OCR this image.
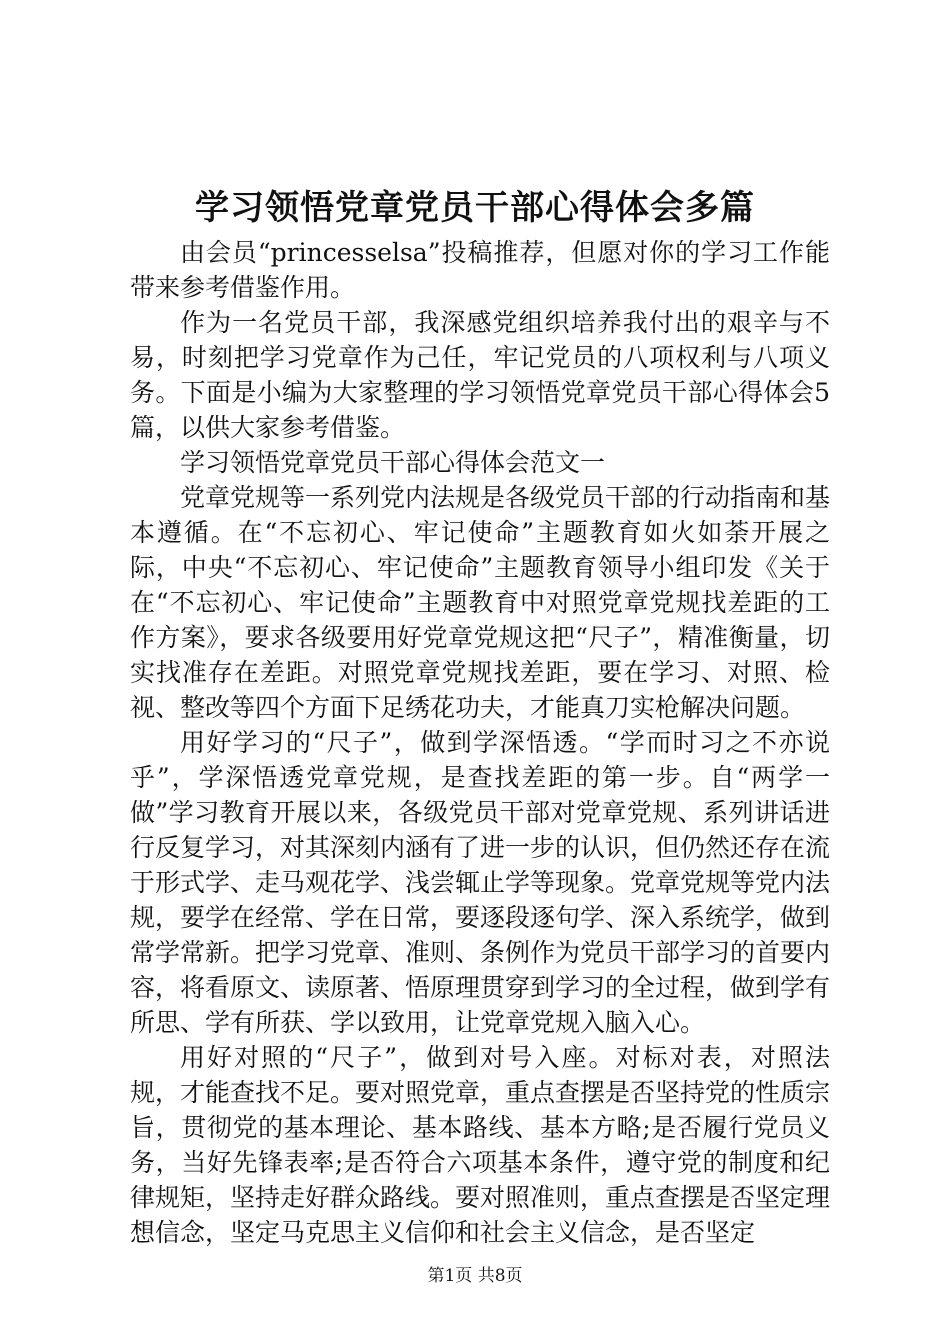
学习领悟党章党员干部心得体会多篇

由会员“princesselsa”投稿推荐，但愿对你的学习工作能带来参考借鉴作用。

作为一名党员干部，我深感党组织培养我付出的艰辛与不易，时刻把学习党章作为己任，牢记党员的八项权利与八项义务。下面是小编为大家整理的学习领悟党章党员干部心得体会5篇，以供大家参考借鉴。

学习领悟党章党员干部心得体会范文一

党章党规等一系列党内法规是各级党员干部的行动指南和基本遵循。在“不忘初心、牢记使命”主题教育如火如荼开展之际，中央“不忘初心、牢记使命”主题教育领导小组印发《关于在“不忘初心、牢记使命”主题教育中对照党章党规找差距的工作方案》，要求各级要用好党章党规这把“尺子”，精准衡量，切实找准存在差距。对照党章党规找差距，要在学习、对照、检视、整改等四个方面下足绣花功夫，才能真刀实枪解决问题。

用好学习的“尺子”，做到学深悟透。“学而时习之不亦说乎”，学深悟透党章党规，是查找差距的第一步。自“两学一做”学习教育开展以来，各级党员干部对党章党规、系列讲话进行反复学习，对其深刻内涵有了进一步的认识，但仍然还存在流于形式学、走马观花学、浅尝辄止学等现象。党章党规等党内法规，要学在经常、学在日常，要逐段逐句学、深入系统学，做到常学常新。把学习党章、准则、条例作为党员干部学习的首要内容，将看原文、读原著、悟原理贯穿到学习的全过程，做到学有所思、学有所获、学以致用，让党章党规入脑入心。

用好对照的“尺子”，做到对号入座。对标对表，对照法规，才能查找不足。要对照党章，重点查摆是否坚持党的性质宗旨，贯彻党的基本理论、基本路线、基本方略;是否履行党员义务，当好先锋表率;是否符合六项基本条件，遵守党的制度和纪律规矩，坚持走好群众路线。要对照准则，重点查摆是否坚定理想信念，坚定马克思主义信仰和社会主义信念，是否坚定

第1页 共8页
